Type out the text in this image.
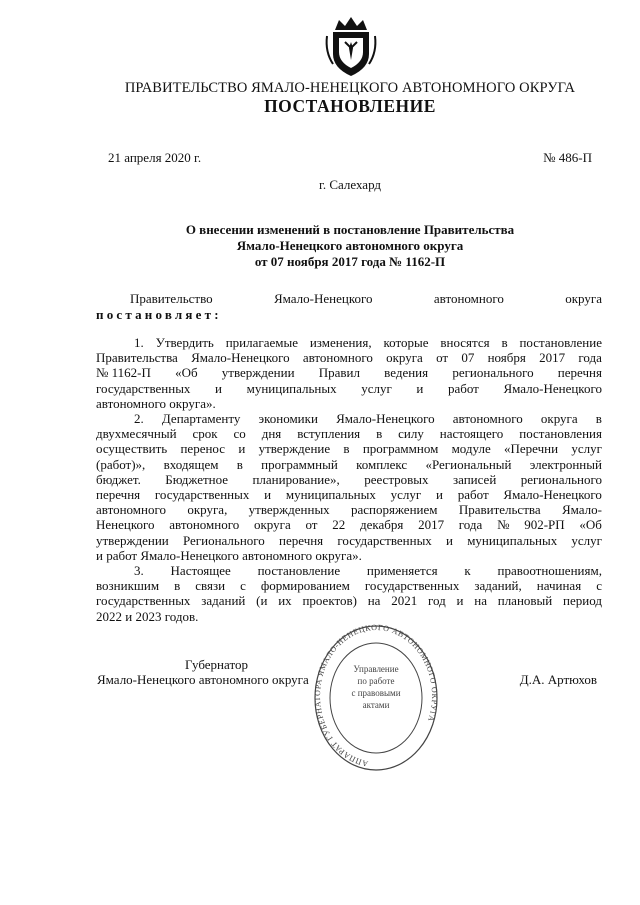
ПРАВИТЕЛЬСТВО ЯМАЛО-НЕНЕЦКОГО АВТОНОМНОГО ОКРУГА
ПОСТАНОВЛЕНИЕ
21 апреля 2020 г.	№ 486-П
г. Салехард
О внесении изменений в постановление Правительства
Ямало-Ненецкого автономного округа
от 07 ноября 2017 года № 1162-П
Правительство	Ямало-Ненецкого	автономного	округа
постановляет:
1. Утвердить прилагаемые изменения, которые вносятся в постановление
Правительства Ямало-Ненецкого автономного округа от 07 ноября 2017 года
№ 1162-П «Об утверждении Правил ведения регионального перечня
государственных и муниципальных услуг и работ Ямало-Ненецкого
автономного округа».
2. Департаменту экономики Ямало-Ненецкого автономного округа в
двухмесячный срок со дня вступления в силу настоящего постановления
осуществить перенос и утверждение в программном модуле «Перечни услуг
(работ)», входящем в программный комплекс «Региональный электронный
бюджет. Бюджетное планирование», реестровых записей регионального
перечня государственных и муниципальных услуг и работ Ямало-Ненецкого
автономного округа, утвержденных распоряжением Правительства Ямало-
Ненецкого автономного округа от 22 декабря 2017 года № 902-РП «Об
утверждении Регионального перечня государственных и муниципальных услуг
и работ Ямало-Ненецкого автономного округа».
3. Настоящее постановление применяется к правоотношениям,
возникшим в связи с формированием государственных заданий, начиная с
государственных заданий (и их проектов) на 2021 год и на плановый период
2022 и 2023 годов.
Губернатор
Ямало-Ненецкого автономного округа	Д.А. Артюхов
АППАРАТ ГУБЕРНАТОРА ЯМАЛО-НЕНЕЦКОГО АВТОНОМНОГО ОКРУГА
Управление
по работе
с правовыми
актами
